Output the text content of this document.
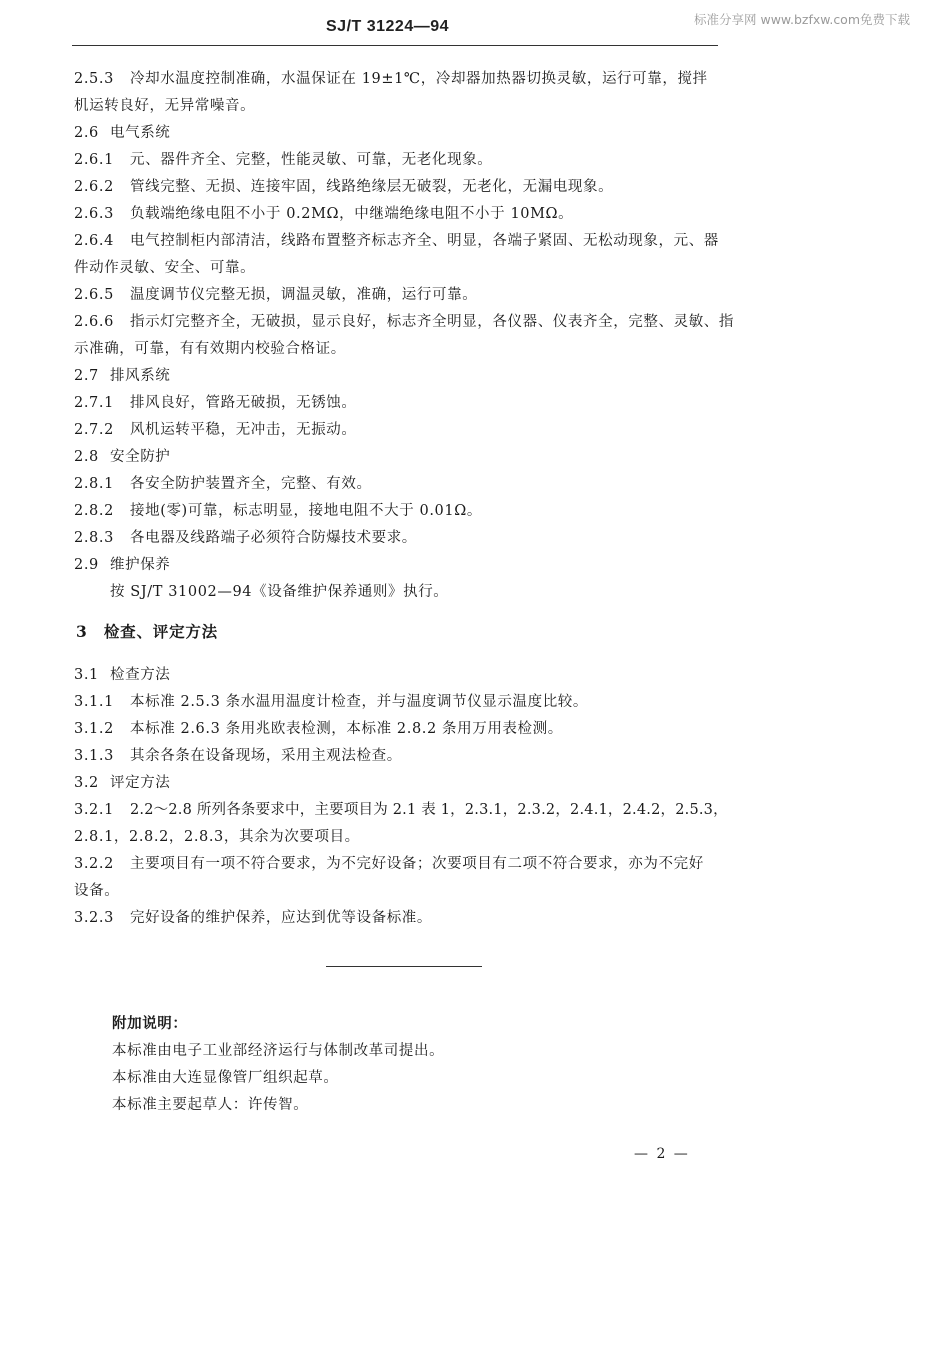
SJ/T 31224—94	标准分享网 www.bzfxw.com免费下载
2.5.3 冷却水温度控制准确，水温保证在 19±1℃，冷却器加热器切换灵敏，运行可靠，搅拌
机运转良好，无异常噪音。
2.6 电气系统
2.6.1 元、器件齐全、完整，性能灵敏、可靠，无老化现象。
2.6.2 管线完整、无损、连接牢固，线路绝缘层无破裂，无老化，无漏电现象。
2.6.3 负载端绝缘电阻不小于 0.2MΩ，中继端绝缘电阻不小于 10MΩ。
2.6.4 电气控制柜内部清洁，线路布置整齐标志齐全、明显，各端子紧固、无松动现象，元、器
件动作灵敏、安全、可靠。
2.6.5 温度调节仪完整无损，调温灵敏，准确，运行可靠。
2.6.6 指示灯完整齐全，无破损，显示良好，标志齐全明显，各仪器、仪表齐全，完整、灵敏、指
示准确，可靠，有有效期内校验合格证。
2.7 排风系统
2.7.1 排风良好，管路无破损，无锈蚀。
2.7.2 风机运转平稳，无冲击，无振动。
2.8 安全防护
2.8.1 各安全防护装置齐全，完整、有效。
2.8.2 接地(零)可靠，标志明显，接地电阻不大于 0.01Ω。
2.8.3 各电器及线路端子必须符合防爆技术要求。
2.9 维护保养
按 SJ/T 31002—94《设备维护保养通则》执行。
3　检查、评定方法
3.1 检查方法
3.1.1 本标准 2.5.3 条水温用温度计检查，并与温度调节仪显示温度比较。
3.1.2 本标准 2.6.3 条用兆欧表检测，本标准 2.8.2 条用万用表检测。
3.1.3 其余各条在设备现场，采用主观法检查。
3.2 评定方法
3.2.1 2.2～2.8 所列各条要求中，主要项目为 2.1 表 1，2.3.1，2.3.2，2.4.1，2.4.2，2.5.3，
2.8.1，2.8.2，2.8.3，其余为次要项目。
3.2.2 主要项目有一项不符合要求，为不完好设备；次要项目有二项不符合要求，亦为不完好
设备。
3.2.3 完好设备的维护保养，应达到优等设备标准。
附加说明：
本标准由电子工业部经济运行与体制改革司提出。
本标准由大连显像管厂组织起草。
本标准主要起草人：许传智。
— 2 —
